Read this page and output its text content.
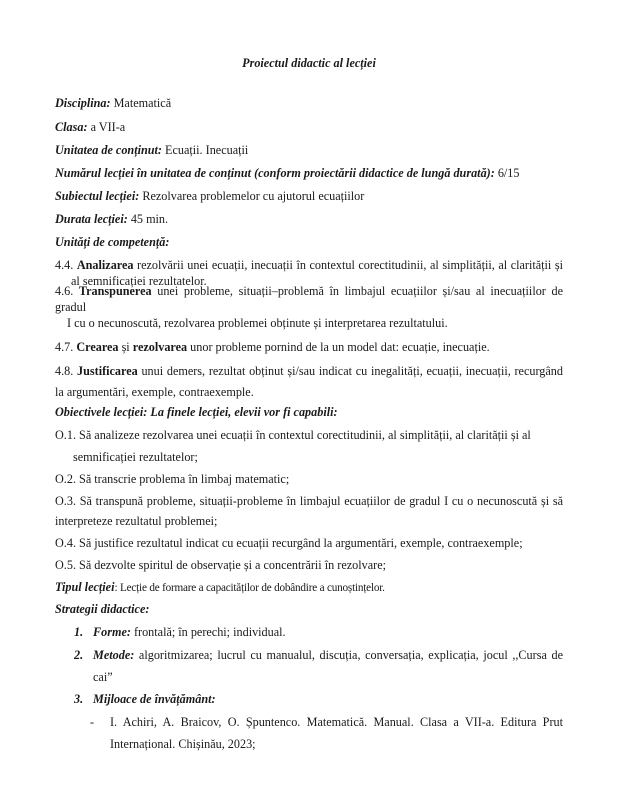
Proiectul didactic al lecției
Disciplina: Matematică
Clasa: a VII-a
Unitatea de conținut: Ecuații. Inecuații
Numărul lecției în unitatea de conținut (conform proiectării didactice de lungă durată): 6/15
Subiectul lecției: Rezolvarea problemelor cu ajutorul ecuațiilor
Durata lecției: 45 min.
Unități de competență:
4.4. Analizarea rezolvării unei ecuații, inecuații în contextul corectitudinii, al simplității, al clarității și
al semnificației rezultatelor.
4.6. Transpunerea unei probleme, situații–problemă în limbajul ecuațiilor și/sau al inecuațiilor de
gradul
I cu o necunoscută, rezolvarea problemei obținute și interpretarea rezultatului.
4.7. Crearea și rezolvarea unor probleme pornind de la un model dat: ecuație, inecuație.
4.8. Justificarea unui demers, rezultat obținut și/sau indicat cu inegalități, ecuații, inecuații, recurgând
la argumentări, exemple, contraexemple.
Obiectivele lecției: La finele lecției, elevii vor fi capabili:
O.1. Să analizeze rezolvarea unei ecuații în contextul corectitudinii, al simplității, al clarității și al
semnificației rezultatelor;
O.2. Să transcrie problema în limbaj matematic;
O.3. Să transpună probleme, situații-probleme în limbajul ecuațiilor de gradul I cu o necunoscută și să
interpreteze rezultatul problemei;
O.4. Să justifice rezultatul indicat cu ecuații recurgând la argumentări, exemple, contraexemple;
O.5. Să dezvolte spiritul de observație și a concentrării în rezolvare;
Tipul lecției: Lecție de formare a capacităților de dobândire a cunoștințelor.
Strategii didactice:
1. Forme: frontală; în perechi; individual.
2. Metode: algoritmizarea; lucrul cu manualul, discuția, conversația, explicația, jocul ,,Cursa de
cai”
3. Mijloace de învățământ:
- I. Achiri, A. Braicov, O. Șpuntenco. Matematică. Manual. Clasa a VII-a. Editura Prut
Internațional. Chișinău, 2023;
